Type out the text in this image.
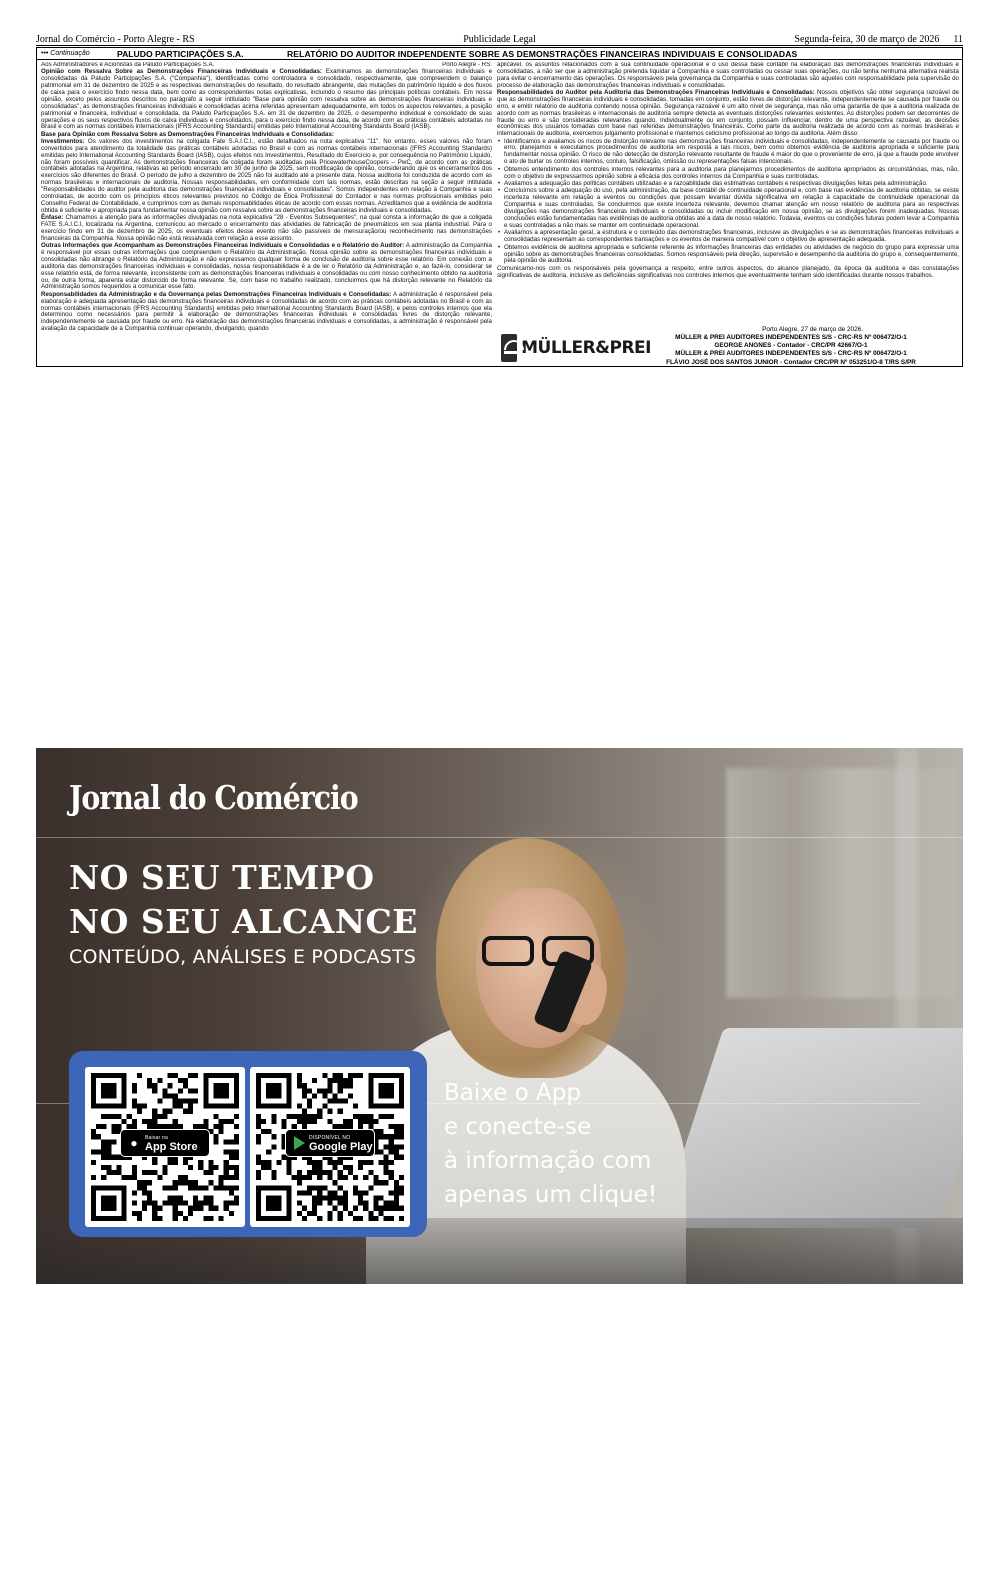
Jornal do Comércio - Porto Alegre - RS	Publicidade Legal	Segunda-feira, 30 de março de 2026 11
••• Continuação	PALUDO PARTICIPAÇÕES S.A.	RELATÓRIO DO AUDITOR INDEPENDENTE SOBRE AS DEMONSTRAÇÕES FINANCEIRAS INDIVIDUAIS E CONSOLIDADAS

Aos Administradores e Acionistas da Paludo Participações S.A.	Porto Alegre - RS.

Opinião com Ressalva Sobre as Demonstrações Financeiras Individuais e Consolidadas: Examinamos as demonstrações financeiras individuais e consolidadas da Paludo Participações S.A. ("Companhia"), identificadas como controladora e consolidado, respectivamente, que compreendem o balanço patrimonial em 31 de dezembro de 2025 e as respectivas demonstrações do resultado, do resultado abrangente, das mutações do patrimônio líquido e dos fluxos de caixa para o exercício findo nessa data, bem como as correspondentes notas explicativas, incluindo o resumo das principais políticas contábeis. Em nossa opinião, exceto pelos assuntos descritos no parágrafo a seguir intitulado "Base para opinião com ressalva sobre as demonstrações financeiras individuais e consolidadas", as demonstrações financeiras individuais e consolidadas acima referidas apresentam adequadamente, em todos os aspectos relevantes, a posição patrimonial e financeira, individual e consolidada, da Paludo Participações S.A. em 31 de dezembro de 2025, o desempenho individual e consolidado de suas operações e os seus respectivos fluxos de caixa individuais e consolidados, para o exercício findo nessa data, de acordo com as práticas contábeis adotadas no Brasil e com as normas contábeis internacionais (IFRS Accounting Standards) emitidas pelo International Accounting Standards Board (IASB).

Base para Opinião com Ressalva Sobre as Demonstrações Financeiras Individuais e Consolidadas:

Investimentos: Os valores dos investimentos na coligada Fate S.A.I.C.I., estão detalhados na nota explicativa "11". No entanto, esses valores não foram convertidos para atendimento da totalidade das práticas contábeis adotadas no Brasil e com as normas contábeis internacionais (IFRS Accounting Standards) emitidas pelo International Accounting Standards Board (IASB), cujos efeitos nos Investimentos, Resultado do Exercício e, por consequência no Patrimônio Líquido, não foram possíveis quantificar. As demonstrações financeiras da coligada foram auditadas pela PricewaterhouseCoopers – PwC, de acordo com as práticas contábeis adotadas na Argentina, relativas ao período encerrado em 30 de junho de 2025, sem modificação de opinião, considerando que os encerramentos dos exercícios são diferentes do Brasil. O período de julho a dezembro de 2025 não foi auditado até a presente data. Nossa auditoria foi conduzida de acordo com as normas brasileiras e internacionais de auditoria. Nossas responsabilidades, em conformidade com tais normas, estão descritas na seção a seguir intitulada "Responsabilidades do auditor pela auditoria das demonstrações financeiras individuais e consolidadas". Somos independentes em relação à Companhia e suas controladas, de acordo com os princípios éticos relevantes previstos no Código de Ética Profissional do Contador e nas normas profissionais emitidas pelo Conselho Federal de Contabilidade, e cumprimos com as demais responsabilidades éticas de acordo com essas normas. Acreditamos que a evidência de auditoria obtida é suficiente e apropriada para fundamentar nossa opinião com ressalva sobre as demonstrações financeiras individuais e consolidadas.

Ênfase: Chamamos a atenção para as informações divulgadas na nota explicativa "28 - Eventos Subsequentes", na qual consta a informação de que a coligada FATE S.A.I.C.I, localizada na Argentina, comunicou ao mercado o encerramento das atividades de fabricação de pneumáticos em sua planta industrial. Para o exercício findo em 31 de dezembro de 2025, os eventuais efeitos desse evento não são passíveis de mensuração/ou reconhecimento nas demonstrações financeiras da Companhia. Nossa opinião não está ressalvada com relação a esse assunto.

Outras Informações que Acompanham as Demonstrações Financeiras Individuais e Consolidadas e o Relatório do Auditor: A administração da Companhia é responsável por essas outras informações que compreendem o Relatório da Administração. Nossa opinião sobre as demonstrações financeiras individuais e consolidadas não abrange o Relatório da Administração e não expressamos qualquer forma de conclusão de auditoria sobre esse relatório. Em conexão com a auditoria das demonstrações financeiras individuais e consolidadas, nossa responsabilidade é a de ler o Relatório da Administração e, ao fazê-lo, considerar se esse relatório está, de forma relevante, inconsistente com as demonstrações financeiras individuais e consolidadas ou com nosso conhecimento obtido na auditoria ou, de outra forma, aparenta estar distorcido de forma relevante. Se, com base no trabalho realizado, concluirmos que há distorção relevante no Relatório da Administração somos requeridos a comunicar esse fato.

Responsabilidades da Administração e da Governança pelas Demonstrações Financeiras Individuais e Consolidadas: A administração é responsável pela elaboração e adequada apresentação das demonstrações financeiras individuais e consolidadas de acordo com as práticas contábeis adotadas no Brasil e com as normas contábeis internacionais (IFRS Accounting Standards) emitidas pelo International Accounting Standards Board (IASB), e pelos controles internos que ela determinou como necessários para permitir a elaboração de demonstrações financeiras individuais e consolidadas livres de distorção relevante, independentemente se causada por fraude ou erro. Na elaboração das demonstrações financeiras individuais e consolidadas, a administração é responsável pela avaliação da capacidade de a Companhia continuar operando, divulgando, quando

aplicável, os assuntos relacionados com a sua continuidade operacional e o uso dessa base contábil na elaboração das demonstrações financeiras individuais e consolidadas, a não ser que a administração pretenda liquidar a Companhia e suas controladas ou cessar suas operações, ou não tenha nenhuma alternativa realista para evitar o encerramento das operações. Os responsáveis pela governança da Companhia e suas controladas são aqueles com responsabilidade pela supervisão do processo de elaboração das demonstrações financeiras individuais e consolidadas.

Responsabilidades do Auditor pela Auditoria das Demonstrações Financeiras Individuais e Consolidadas: Nossos objetivos são obter segurança razoável de que as demonstrações financeiras individuais e consolidadas, tomadas em conjunto, estão livres de distorção relevante, independentemente se causada por fraude ou erro, e emitir relatório de auditoria contendo nossa opinião. Segurança razoável é um alto nível de segurança, mas não uma garantia de que a auditoria realizada de acordo com as normas brasileiras e internacionais de auditoria sempre detecta as eventuais distorções relevantes existentes. As distorções podem ser decorrentes de fraude ou erro e são consideradas relevantes quando, individualmente ou em conjunto, possam influenciar, dentro de uma perspectiva razoável, as decisões econômicas dos usuários tomadas com base nas referidas demonstrações financeiras. Como parte da auditoria realizada de acordo com as normas brasileiras e internacionais de auditoria, exercemos julgamento profissional e mantemos ceticismo profissional ao longo da auditoria. Além disso:

• Identificamos e avaliamos os riscos de distorção relevante nas demonstrações financeiras individuais e consolidadas, independentemente se causada por fraude ou erro, planejamos e executamos procedimentos de auditoria em resposta a tais riscos, bem como obtemos evidência de auditoria apropriada e suficiente para fundamentar nossa opinião. O risco de não detecção de distorção relevante resultante de fraude é maior do que o proveniente de erro, já que a fraude pode envolver o ato de burlar os controles internos, conluio, falsificação, omissão ou representações falsas intencionais.
• Obtemos entendimento dos controles internos relevantes para a auditoria para planejarmos procedimentos de auditoria apropriados às circunstâncias, mas, não, com o objetivo de expressarmos opinião sobre a eficácia dos controles internos da Companhia e suas controladas.
• Avaliamos a adequação das políticas contábeis utilizadas e a razoabilidade das estimativas contábeis e respectivas divulgações feitas pela administração.
• Concluímos sobre a adequação do uso, pela administração, da base contábil de continuidade operacional e, com base nas evidências de auditoria obtidas, se existe incerteza relevante em relação a eventos ou condições que possam levantar dúvida significativa em relação à capacidade de continuidade operacional da Companhia e suas controladas. Se concluirmos que existe incerteza relevante, devemos chamar atenção em nosso relatório de auditoria para as respectivas divulgações nas demonstrações financeiras individuais e consolidadas ou incluir modificação em nossa opinião, se as divulgações forem inadequadas. Nossas conclusões estão fundamentadas nas evidências de auditoria obtidas até a data de nosso relatório. Todavia, eventos ou condições futuras podem levar a Companhia e suas controladas a não mais se manter em continuidade operacional.
• Avaliamos a apresentação geral, a estrutura e o conteúdo das demonstrações financeiras, inclusive as divulgações e se as demonstrações financeiras individuais e consolidadas representam as correspondentes transações e os eventos de maneira compatível com o objetivo de apresentação adequada.
• Obtemos evidência de auditoria apropriada e suficiente referente às informações financeiras das entidades ou atividades de negócio do grupo para expressar uma opinião sobre as demonstrações financeiras consolidadas. Somos responsáveis pela direção, supervisão e desempenho da auditoria do grupo e, consequentemente, pela opinião de auditoria.

Comunicamo-nos com os responsáveis pela governança a respeito, entre outros aspectos, do alcance planejado, da época da auditoria e das constatações significativas de auditoria, inclusive as deficiências significativas nos controles internos que eventualmente tenham sido identificadas durante nossos trabalhos.

Porto Alegre, 27 de março de 2026.
MÜLLER&PREI
MÜLLER & PREI AUDITORES INDEPENDENTES S/S - CRC-RS Nº 006472/O-1
GEORGE ANGNES - Contador - CRC/PR 42667/O-1
MÜLLER & PREI AUDITORES INDEPENDENTES S/S - CRC-RS Nº 006472/O-1
FLÁVIO JOSÉ DOS SANTOS JUNIOR - Contador CRC/PR Nº 053251/O-8 T/RS S/PR
Jornal do Comércio
NO SEU TEMPO
NO SEU ALCANCE
CONTEÚDO, ANÁLISES E PODCASTS
●	Baixar na
App Store
DISPONÍVEL NO
Google Play
Baixe o App
e conecte-se
à informação com
apenas um clique!
